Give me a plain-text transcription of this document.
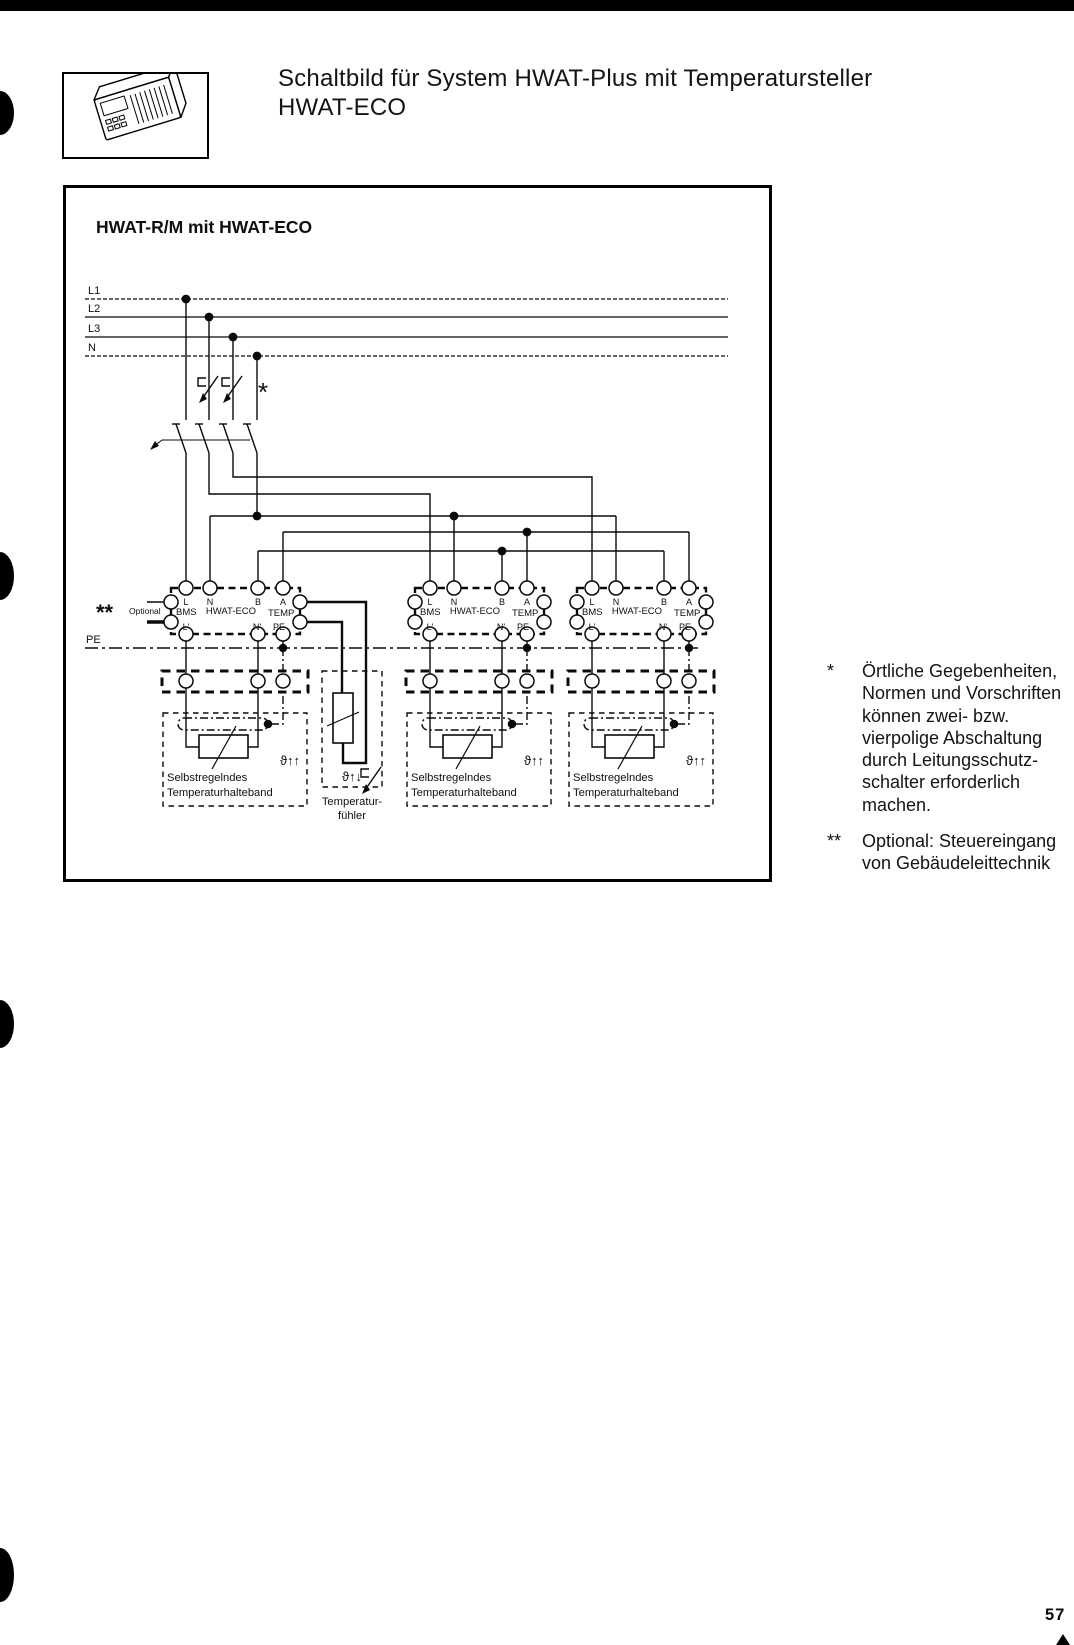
Schaltbild für System HWAT-Plus mit Temperatursteller
HWAT-ECO
HWAT-R/M mit HWAT-ECO
L1
L2
L3
N
*
PE
** Optional
L N	B A
L'	N' PE
BMS HWAT-ECO TEMP
ϑ↑↑
Selbstregelndes
Temperaturhalteband
ϑ↑↓
Temperatur-
fühler
*	Örtliche Gegebenheiten,
Normen und Vorschriften
können zwei- bzw.
vierpolige Abschaltung
durch Leitungsschutz-
schalter erforderlich
machen.
**	Optional: Steuereingang
von Gebäudeleittechnik
57
